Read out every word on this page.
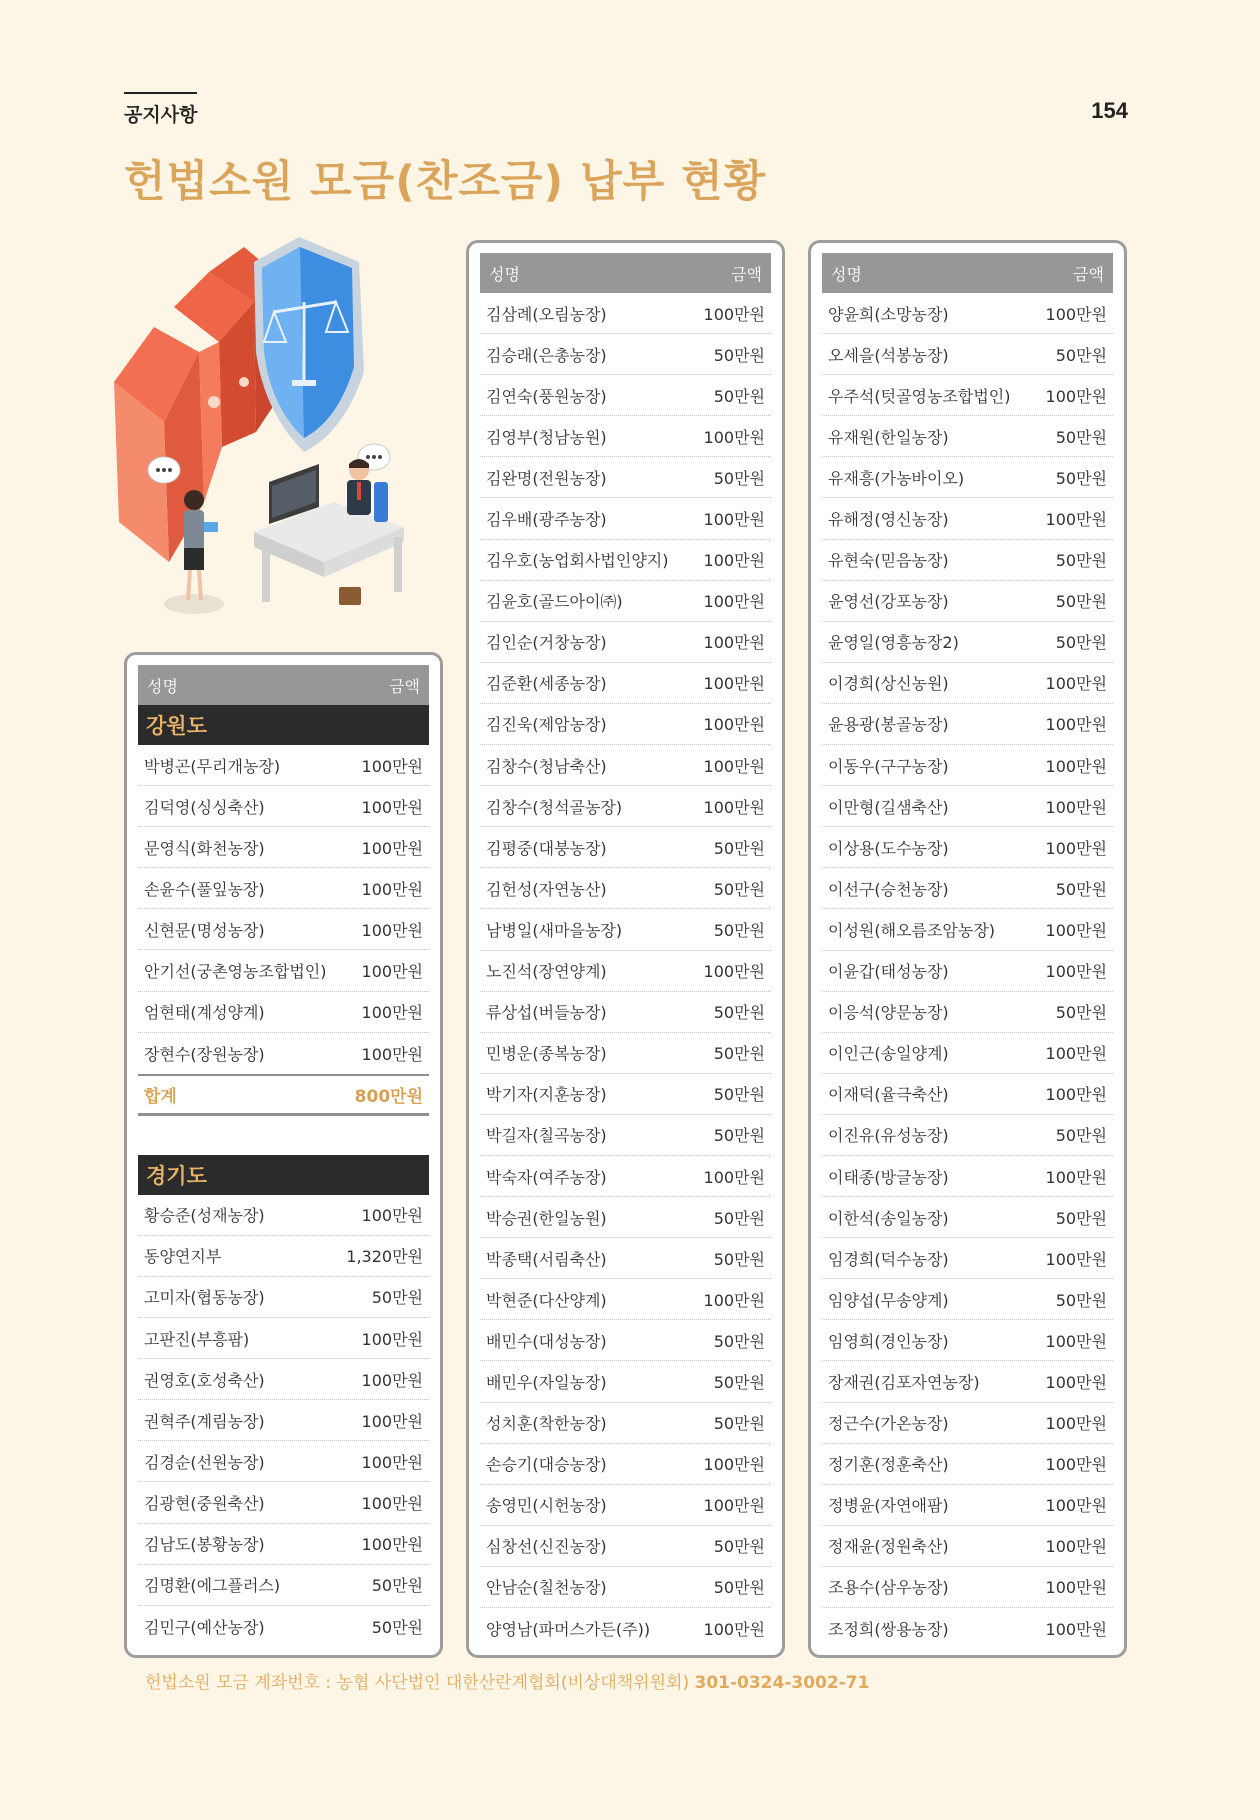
공지사항	154
헌법소원 모금(찬조금) 납부 현황
성명	금액
강원도
박병곤(무리개농장)	100만원
김덕영(싱싱축산)	100만원
문영식(화천농장)	100만원
손윤수(풀잎농장)	100만원
신현문(명성농장)	100만원
안기선(궁촌영농조합법인) 100만원
엄현태(계성양계)	100만원
장현수(장원농장)	100만원
합계	800만원
경기도
황승준(성재농장)	100만원
동양연지부	1,320만원
고미자(협동농장)	50만원
고판진(부흥팜)	100만원
권영호(호성축산)	100만원
권혁주(계림농장)	100만원
김경순(선원농장)	100만원
김광현(중원축산)	100만원
김남도(봉황농장)	100만원
김명환(에그플러스)	50만원
김민구(예산농장)	50만원
성명	금액
김삼례(오림농장)	100만원
김승래(은총농장)	50만원
김연숙(풍원농장)	50만원
김영부(청남농원)	100만원
김완명(전원농장)	50만원
김우배(광주농장)	100만원
김우호(농업회사법인양지) 100만원
김윤호(골드아이㈜)	100만원
김인순(거창농장)	100만원
김준환(세종농장)	100만원
김진욱(제암농장)	100만원
김창수(청남축산)	100만원
김창수(청석골농장)	100만원
김평중(대붕농장)	50만원
김헌성(자연농산)	50만원
남병일(새마을농장)	50만원
노진석(장연양계)	100만원
류상섭(버들농장)	50만원
민병운(종복농장)	50만원
박기자(지훈농장)	50만원
박길자(칠곡농장)	50만원
박숙자(여주농장)	100만원
박승권(한일농원)	50만원
박종택(서림축산)	50만원
박현준(다산양계)	100만원
배민수(대성농장)	50만원
배민우(자일농장)	50만원
성치훈(착한농장)	50만원
손승기(대승농장)	100만원
송영민(시헌농장)	100만원
심창선(신진농장)	50만원
안남순(칠천농장)	50만원
양영남(파머스가든(주))	100만원
성명	금액
양윤희(소망농장)	100만원
오세을(석봉농장)	50만원
우주석(텃골영농조합법인) 100만원
유재원(한일농장)	50만원
유재흥(가농바이오)	50만원
유해정(영신농장)	100만원
유현숙(믿음농장)	50만원
윤영선(강포농장)	50만원
윤영일(영흥농장2)	50만원
이경희(상신농원)	100만원
윤용광(봉골농장)	100만원
이동우(구구농장)	100만원
이만형(길샘축산)	100만원
이상용(도수농장)	100만원
이선구(승천농장)	50만원
이성원(해오름조암농장)	100만원
이윤갑(태성농장)	100만원
이응석(양문농장)	50만원
이인근(송일양계)	100만원
이재덕(율극축산)	100만원
이진유(유성농장)	50만원
이태종(방글농장)	100만원
이한석(송일농장)	50만원
임경희(덕수농장)	100만원
임양섭(무송양계)	50만원
임영희(경인농장)	100만원
장재권(김포자연농장)	100만원
정근수(가온농장)	100만원
정기훈(정훈축산)	100만원
정병윤(자연애팜)	100만원
정재윤(정원축산)	100만원
조용수(삼우농장)	100만원
조정희(쌍용농장)	100만원
헌법소원 모금 계좌번호 : 농협 사단법인 대한산란계협회(비상대책위원회) 301-0324-3002-71
